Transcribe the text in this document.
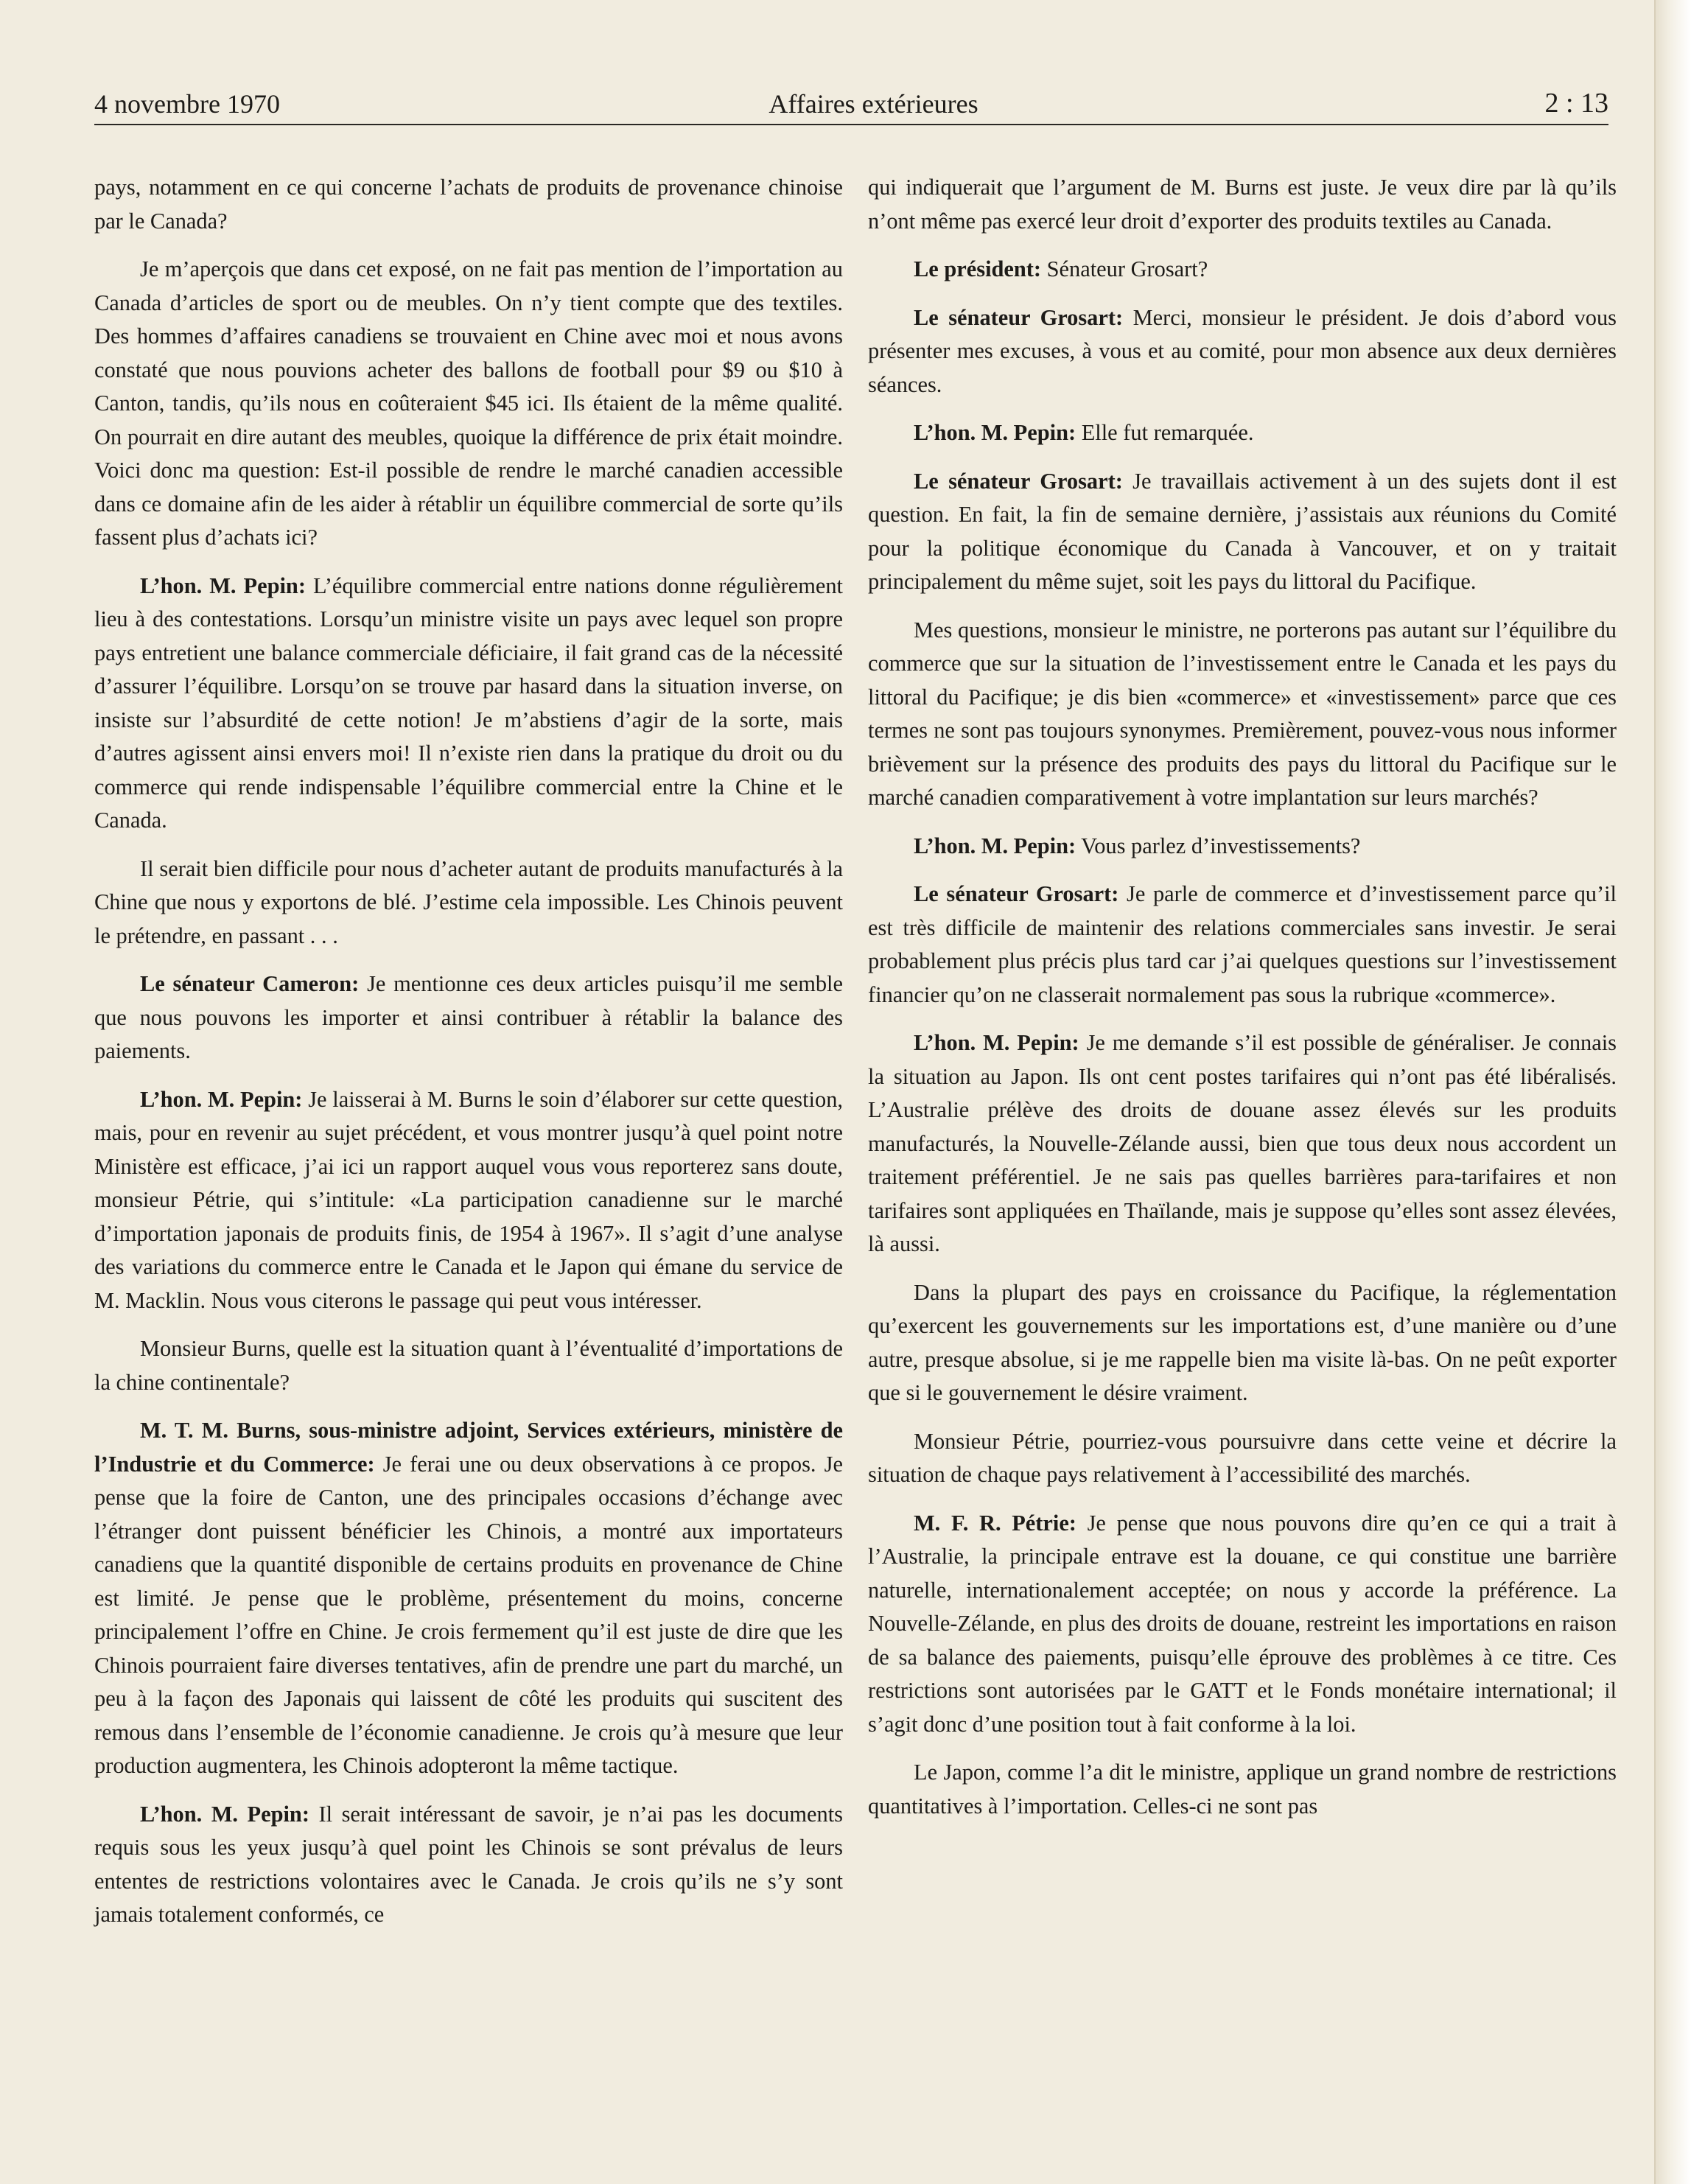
4 novembre 1970	Affaires extérieures	2 : 13

pays, notamment en ce qui concerne l’achats de produits de provenance chinoise par le Canada?

Je m’aperçois que dans cet exposé, on ne fait pas mention de l’importation au Canada d’articles de sport ou de meubles. On n’y tient compte que des textiles. Des hommes d’affaires canadiens se trouvaient en Chine avec moi et nous avons constaté que nous pouvions acheter des ballons de football pour $9 ou $10 à Canton, tandis, qu’ils nous en coûteraient $45 ici. Ils étaient de la même qualité. On pourrait en dire autant des meubles, quoique la différence de prix était moindre. Voici donc ma question: Est-il possible de rendre le marché canadien accessible dans ce domaine afin de les aider à rétablir un équilibre commercial de sorte qu’ils fassent plus d’achats ici?

L’hon. M. Pepin: L’équilibre commercial entre nations donne régulièrement lieu à des contestations. Lorsqu’un ministre visite un pays avec lequel son propre pays entretient une balance commerciale déficiaire, il fait grand cas de la nécessité d’assurer l’équilibre. Lorsqu’on se trouve par hasard dans la situation inverse, on insiste sur l’absurdité de cette notion! Je m’abstiens d’agir de la sorte, mais d’autres agissent ainsi envers moi! Il n’existe rien dans la pratique du droit ou du commerce qui rende indispensable l’équilibre commercial entre la Chine et le Canada.

Il serait bien difficile pour nous d’acheter autant de produits manufacturés à la Chine que nous y exportons de blé. J’estime cela impossible. Les Chinois peuvent le prétendre, en passant . . .

Le sénateur Cameron: Je mentionne ces deux articles puisqu’il me semble que nous pouvons les importer et ainsi contribuer à rétablir la balance des paiements.

L’hon. M. Pepin: Je laisserai à M. Burns le soin d’élaborer sur cette question, mais, pour en revenir au sujet précédent, et vous montrer jusqu’à quel point notre Ministère est efficace, j’ai ici un rapport auquel vous vous reporterez sans doute, monsieur Pétrie, qui s’intitule: «La participation canadienne sur le marché d’importation japonais de produits finis, de 1954 à 1967». Il s’agit d’une analyse des variations du commerce entre le Canada et le Japon qui émane du service de M. Macklin. Nous vous citerons le passage qui peut vous intéresser.

Monsieur Burns, quelle est la situation quant à l’éventualité d’importations de la chine continentale?

M. T. M. Burns, sous-ministre adjoint, Services extérieurs, ministère de l’Industrie et du Commerce: Je ferai une ou deux observations à ce propos. Je pense que la foire de Canton, une des principales occasions d’échange avec l’étranger dont puissent bénéficier les Chinois, a montré aux importateurs canadiens que la quantité disponible de certains produits en provenance de Chine est limité. Je pense que le problème, présentement du moins, concerne principalement l’offre en Chine. Je crois fermement qu’il est juste de dire que les Chinois pourraient faire diverses tentatives, afin de prendre une part du marché, un peu à la façon des Japonais qui laissent de côté les produits qui suscitent des remous dans l’ensemble de l’économie canadienne. Je crois qu’à mesure que leur production augmentera, les Chinois adopteront la même tactique.

L’hon. M. Pepin: Il serait intéressant de savoir, je n’ai pas les documents requis sous les yeux jusqu’à quel point les Chinois se sont prévalus de leurs ententes de restrictions volontaires avec le Canada. Je crois qu’ils ne s’y sont jamais totalement conformés, ce

qui indiquerait que l’argument de M. Burns est juste. Je veux dire par là qu’ils n’ont même pas exercé leur droit d’exporter des produits textiles au Canada.

Le président: Sénateur Grosart?

Le sénateur Grosart: Merci, monsieur le président. Je dois d’abord vous présenter mes excuses, à vous et au comité, pour mon absence aux deux dernières séances.

L’hon. M. Pepin: Elle fut remarquée.

Le sénateur Grosart: Je travaillais activement à un des sujets dont il est question. En fait, la fin de semaine dernière, j’assistais aux réunions du Comité pour la politique économique du Canada à Vancouver, et on y traitait principalement du même sujet, soit les pays du littoral du Pacifique.

Mes questions, monsieur le ministre, ne porterons pas autant sur l’équilibre du commerce que sur la situation de l’investissement entre le Canada et les pays du littoral du Pacifique; je dis bien «commerce» et «investissement» parce que ces termes ne sont pas toujours synonymes. Premièrement, pouvez-vous nous informer brièvement sur la présence des produits des pays du littoral du Pacifique sur le marché canadien comparativement à votre implantation sur leurs marchés?

L’hon. M. Pepin: Vous parlez d’investissements?

Le sénateur Grosart: Je parle de commerce et d’investissement parce qu’il est très difficile de maintenir des relations commerciales sans investir. Je serai probablement plus précis plus tard car j’ai quelques questions sur l’investissement financier qu’on ne classerait normalement pas sous la rubrique «commerce».

L’hon. M. Pepin: Je me demande s’il est possible de généraliser. Je connais la situation au Japon. Ils ont cent postes tarifaires qui n’ont pas été libéralisés. L’Australie prélève des droits de douane assez élevés sur les produits manufacturés, la Nouvelle-Zélande aussi, bien que tous deux nous accordent un traitement préférentiel. Je ne sais pas quelles barrières para-tarifaires et non tarifaires sont appliquées en Thaïlande, mais je suppose qu’elles sont assez élevées, là aussi.

Dans la plupart des pays en croissance du Pacifique, la réglementation qu’exercent les gouvernements sur les importations est, d’une manière ou d’une autre, presque absolue, si je me rappelle bien ma visite là-bas. On ne peût exporter que si le gouvernement le désire vraiment.

Monsieur Pétrie, pourriez-vous poursuivre dans cette veine et décrire la situation de chaque pays relativement à l’accessibilité des marchés.

M. F. R. Pétrie: Je pense que nous pouvons dire qu’en ce qui a trait à l’Australie, la principale entrave est la douane, ce qui constitue une barrière naturelle, internationalement acceptée; on nous y accorde la préférence. La Nouvelle-Zélande, en plus des droits de douane, restreint les importations en raison de sa balance des paiements, puisqu’elle éprouve des problèmes à ce titre. Ces restrictions sont autorisées par le GATT et le Fonds monétaire international; il s’agit donc d’une position tout à fait conforme à la loi.

Le Japon, comme l’a dit le ministre, applique un grand nombre de restrictions quantitatives à l’importation. Celles-ci ne sont pas
